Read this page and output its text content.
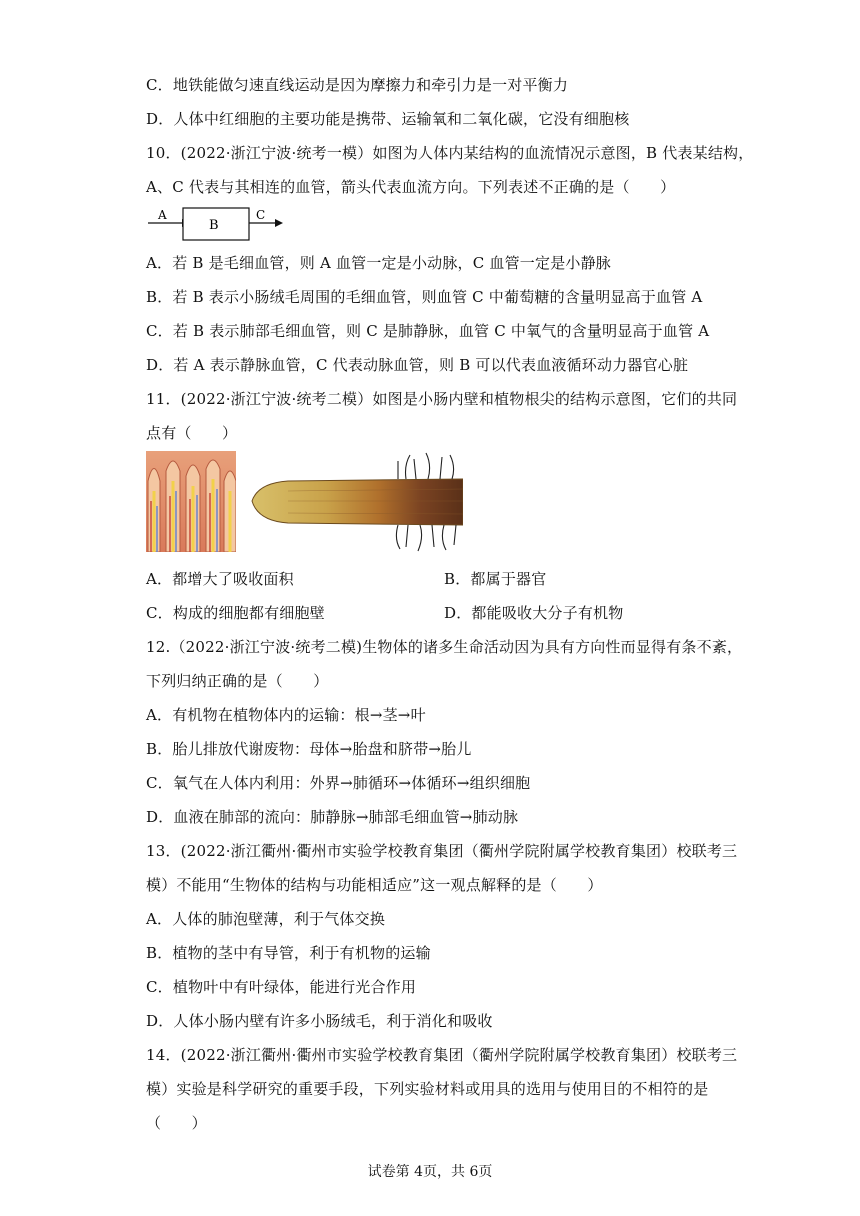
C．地铁能做匀速直线运动是因为摩擦力和牵引力是一对平衡力
D．人体中红细胞的主要功能是携带、运输氧和二氧化碳，它没有细胞核
10．(2022·浙江宁波·统考一模）如图为人体内某结构的血流情况示意图，B 代表某结构，
A、C 代表与其相连的血管，箭头代表血流方向。下列表述不正确的是（　　）
A
B
C
A．若 B 是毛细血管，则 A 血管一定是小动脉，C 血管一定是小静脉
B．若 B 表示小肠绒毛周围的毛细血管，则血管 C 中葡萄糖的含量明显高于血管 A
C．若 B 表示肺部毛细血管，则 C 是肺静脉，血管 C 中氧气的含量明显高于血管 A
D．若 A 表示静脉血管，C 代表动脉血管，则 B 可以代表血液循环动力器官心脏
11．(2022·浙江宁波·统考二模）如图是小肠内壁和植物根尖的结构示意图，它们的共同
点有（　　）
A．都增大了吸收面积	B．都属于器官
C．构成的细胞都有细胞壁	D．都能吸收大分子有机物
12.（2022·浙江宁波·统考二模)生物体的诸多生命活动因为具有方向性而显得有条不紊，
下列归纳正确的是（　　）
A．有机物在植物体内的运输：根→茎→叶
B．胎儿排放代谢废物：母体→胎盘和脐带→胎儿
C．氧气在人体内利用：外界→肺循环→体循环→组织细胞
D．血液在肺部的流向：肺静脉→肺部毛细血管→肺动脉
13．(2022·浙江衢州·衢州市实验学校教育集团（衢州学院附属学校教育集团）校联考三
模）不能用“生物体的结构与功能相适应”这一观点解释的是（　　）
A．人体的肺泡壁薄，利于气体交换
B．植物的茎中有导管，利于有机物的运输
C．植物叶中有叶绿体，能进行光合作用
D．人体小肠内壁有许多小肠绒毛，利于消化和吸收
14．(2022·浙江衢州·衢州市实验学校教育集团（衢州学院附属学校教育集团）校联考三
模）实验是科学研究的重要手段，下列实验材料或用具的选用与使用目的不相符的是
（　　）
试卷第 4页，共 6页
